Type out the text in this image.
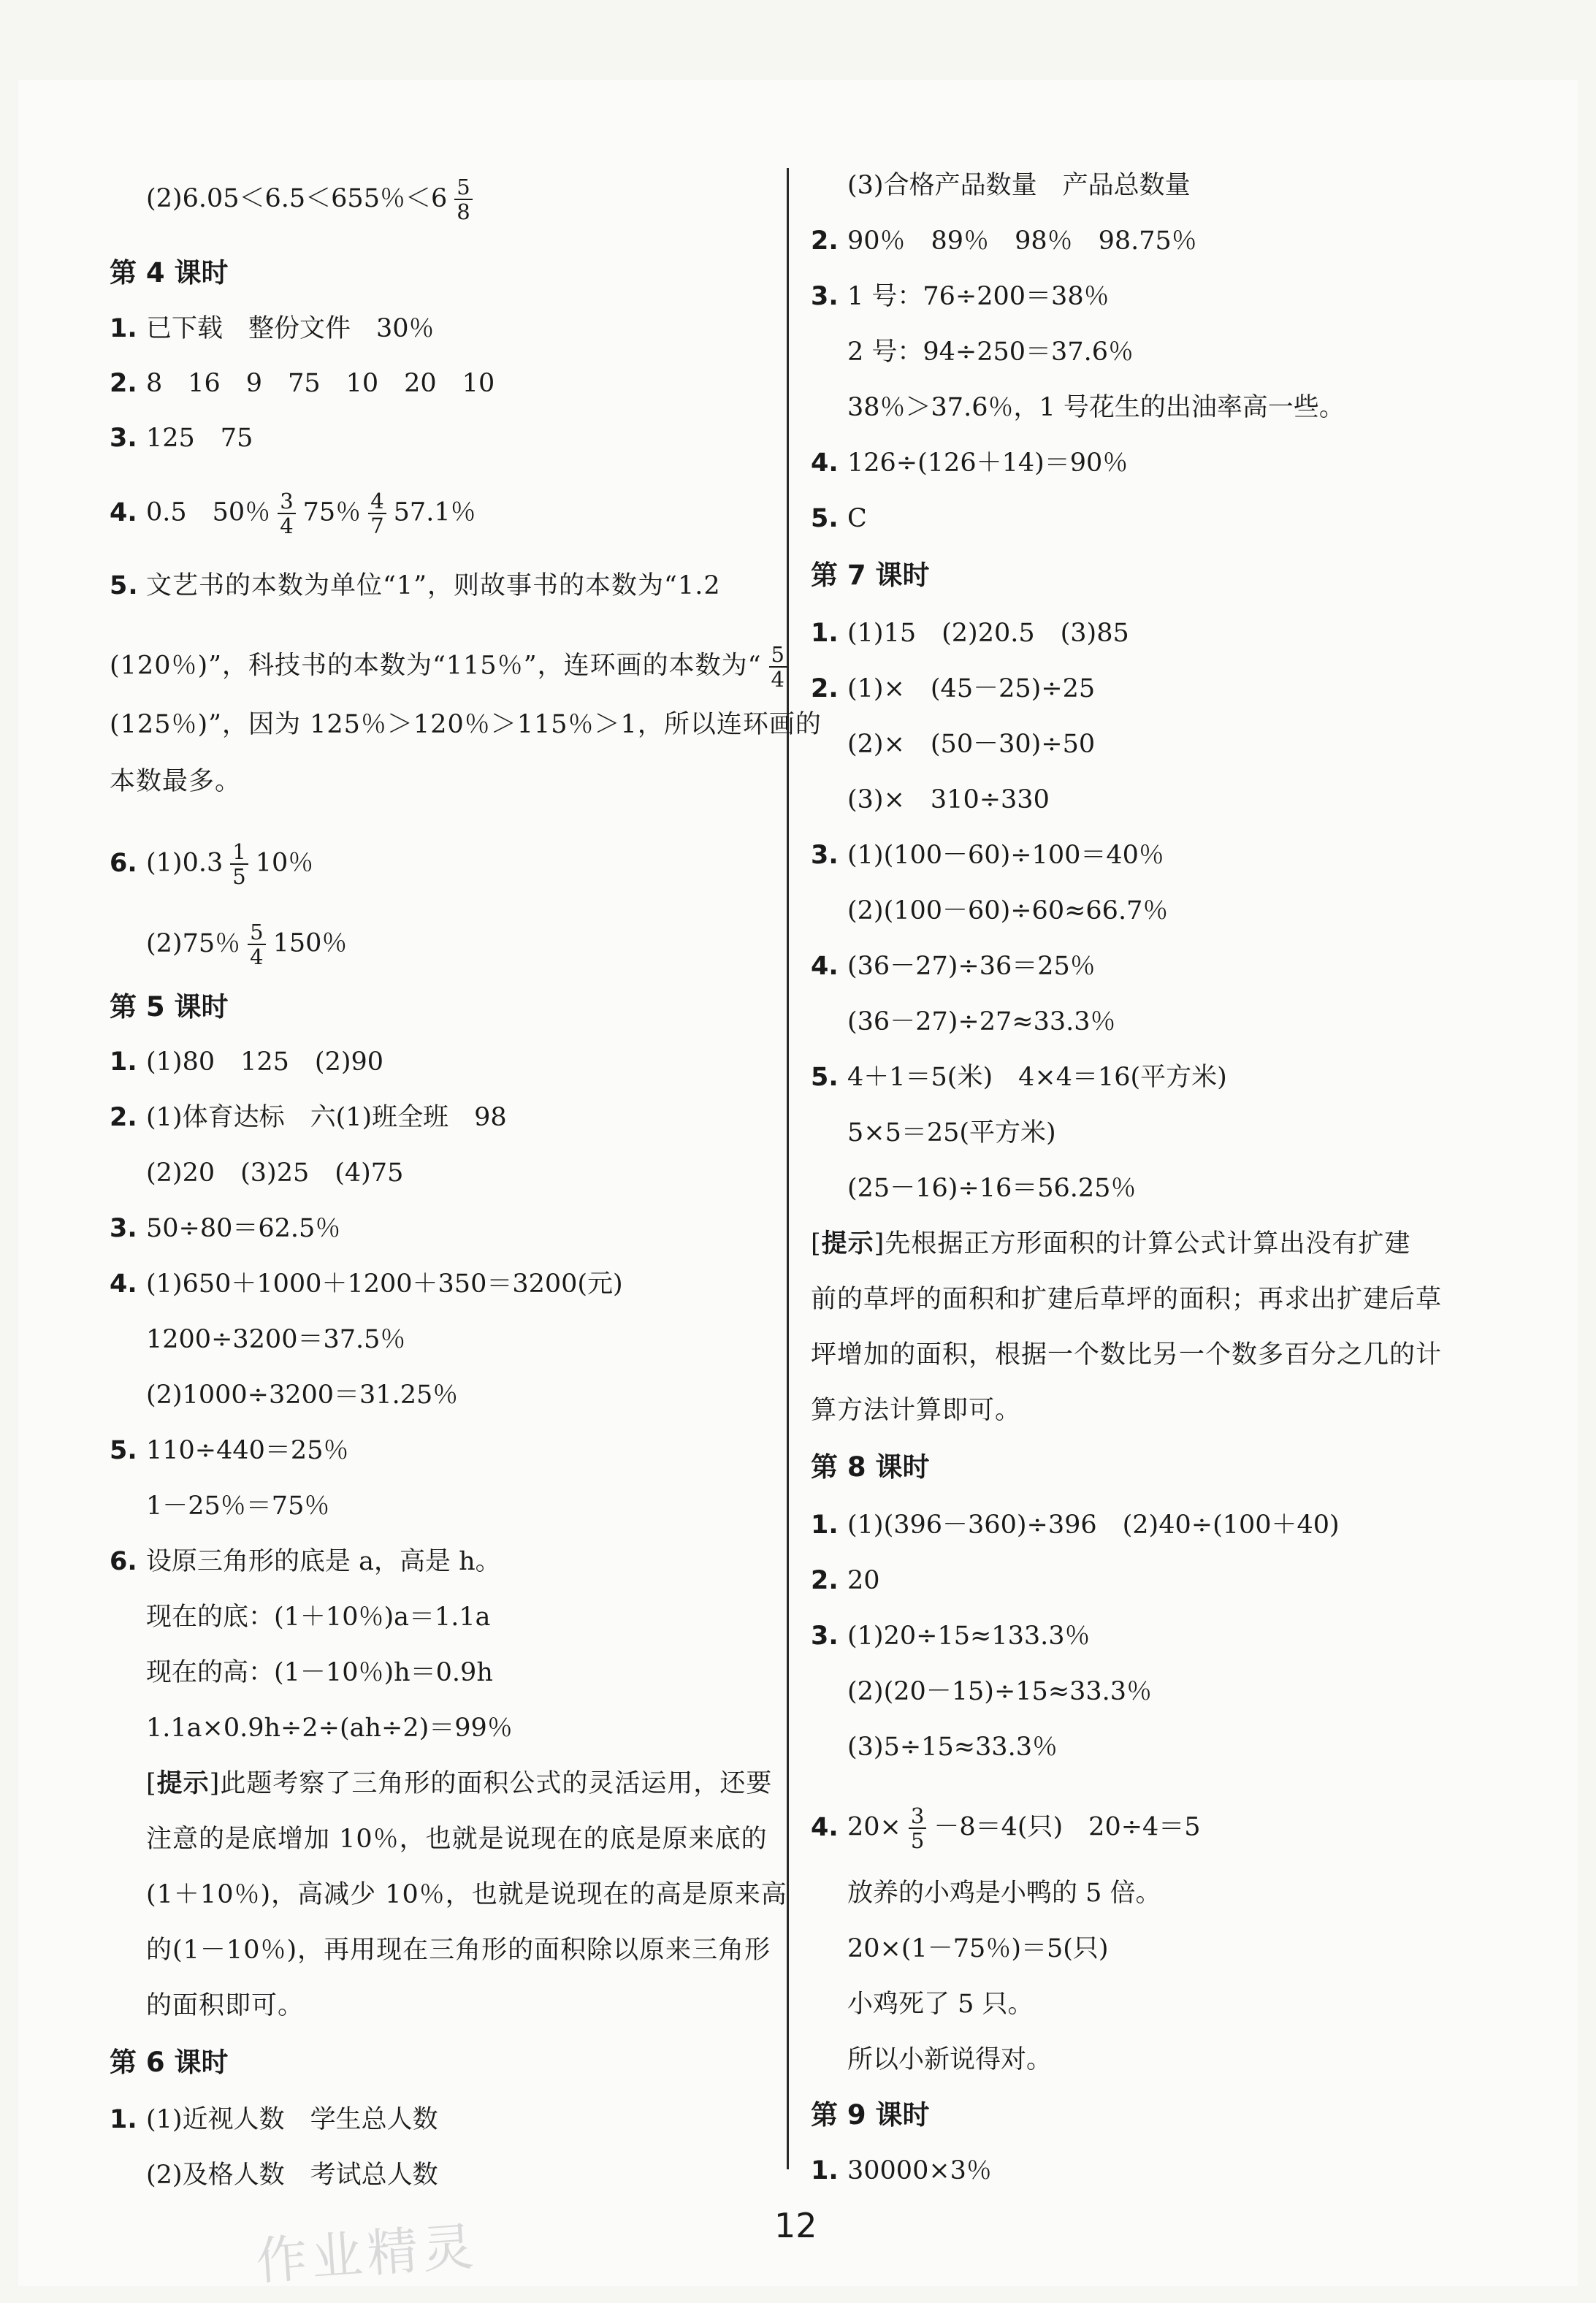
(2)6.05＜6.5＜655％$<6 \frac{5}{8}$
第 4 课时
1. 已下载　整份文件　30％
2. 8　16　9　75　10　20　10
3. 125　75
4. 0.5　50％ $\frac{3}{4} 75$％ $\frac{4}{7} 57.1$％
5. 文艺书的本数为单位“1”，则故事书的本数为“1.2
(120％)”，科技书的本数为“115％”，连环画的本数为“ $\frac{5}{4}$
(125％)”，因为 125％＞120％＞115％＞1，所以连环画的
本数最多。
6. $(1)0.3 \frac{1}{5} 10$％
(2)75％ $\frac{5}{4} 150$％
第 5 课时
1. (1)80　125　(2)90
2. (1)体育达标　六(1)班全班　98
(2)20　(3)25　(4)75
3. 50÷80＝62.5％
4. (1)650＋1000＋1200＋350＝3200(元)
1200÷3200＝37.5％
(2)1000÷3200＝31.25％
5. 110÷440＝25％
1－25％＝75％
6. 设原三角形的底是 a，高是 h。
现在的底：(1＋10％)a＝1.1a
现在的高：(1－10％)h＝0.9h
1.1a×0.9h÷2÷(ah÷2)＝99％
[提示]此题考察了三角形的面积公式的灵活运用，还要
注意的是底增加 10％，也就是说现在的底是原来底的
(1＋10％)，高减少 10％，也就是说现在的高是原来高
的(1－10％)，再用现在三角形的面积除以原来三角形
的面积即可。
第 6 课时
1. (1)近视人数　学生总人数
(2)及格人数　考试总人数
(3)合格产品数量　产品总数量
2. 90％　89％　98％　98.75％
3. 1 号：76÷200＝38％
2 号：94÷250＝37.6％
38％＞37.6％，1 号花生的出油率高一些。
4. 126÷(126＋14)＝90％
5. C
第 7 课时
1. (1)15　(2)20.5　(3)85
2. (1)×　(45－25)÷25
(2)×　(50－30)÷50
(3)×　310÷330
3. (1)(100－60)÷100＝40％
(2)(100－60)÷60≈66.7％
4. (36－27)÷36＝25％
(36－27)÷27≈33.3％
5. 4＋1＝5(米)　4×4＝16(平方米)
5×5＝25(平方米)
(25－16)÷16＝56.25％
[提示]先根据正方形面积的计算公式计算出没有扩建
前的草坪的面积和扩建后草坪的面积；再求出扩建后草
坪增加的面积，根据一个数比另一个数多百分之几的计
算方法计算即可。
第 8 课时
1. (1)(396－360)÷396　(2)40÷(100＋40)
2. 20
3. (1)20÷15≈133.3％
(2)(20－15)÷15≈33.3％
(3)5÷15≈33.3％
4. $20\times \frac{3}{5} -8=4$(只)　20÷4＝5
放养的小鸡是小鸭的 5 倍。
20×(1－75％)＝5(只)
小鸡死了 5 只。
所以小新说得对。
第 9 课时
1. 30000×3％
作业精灵	12
